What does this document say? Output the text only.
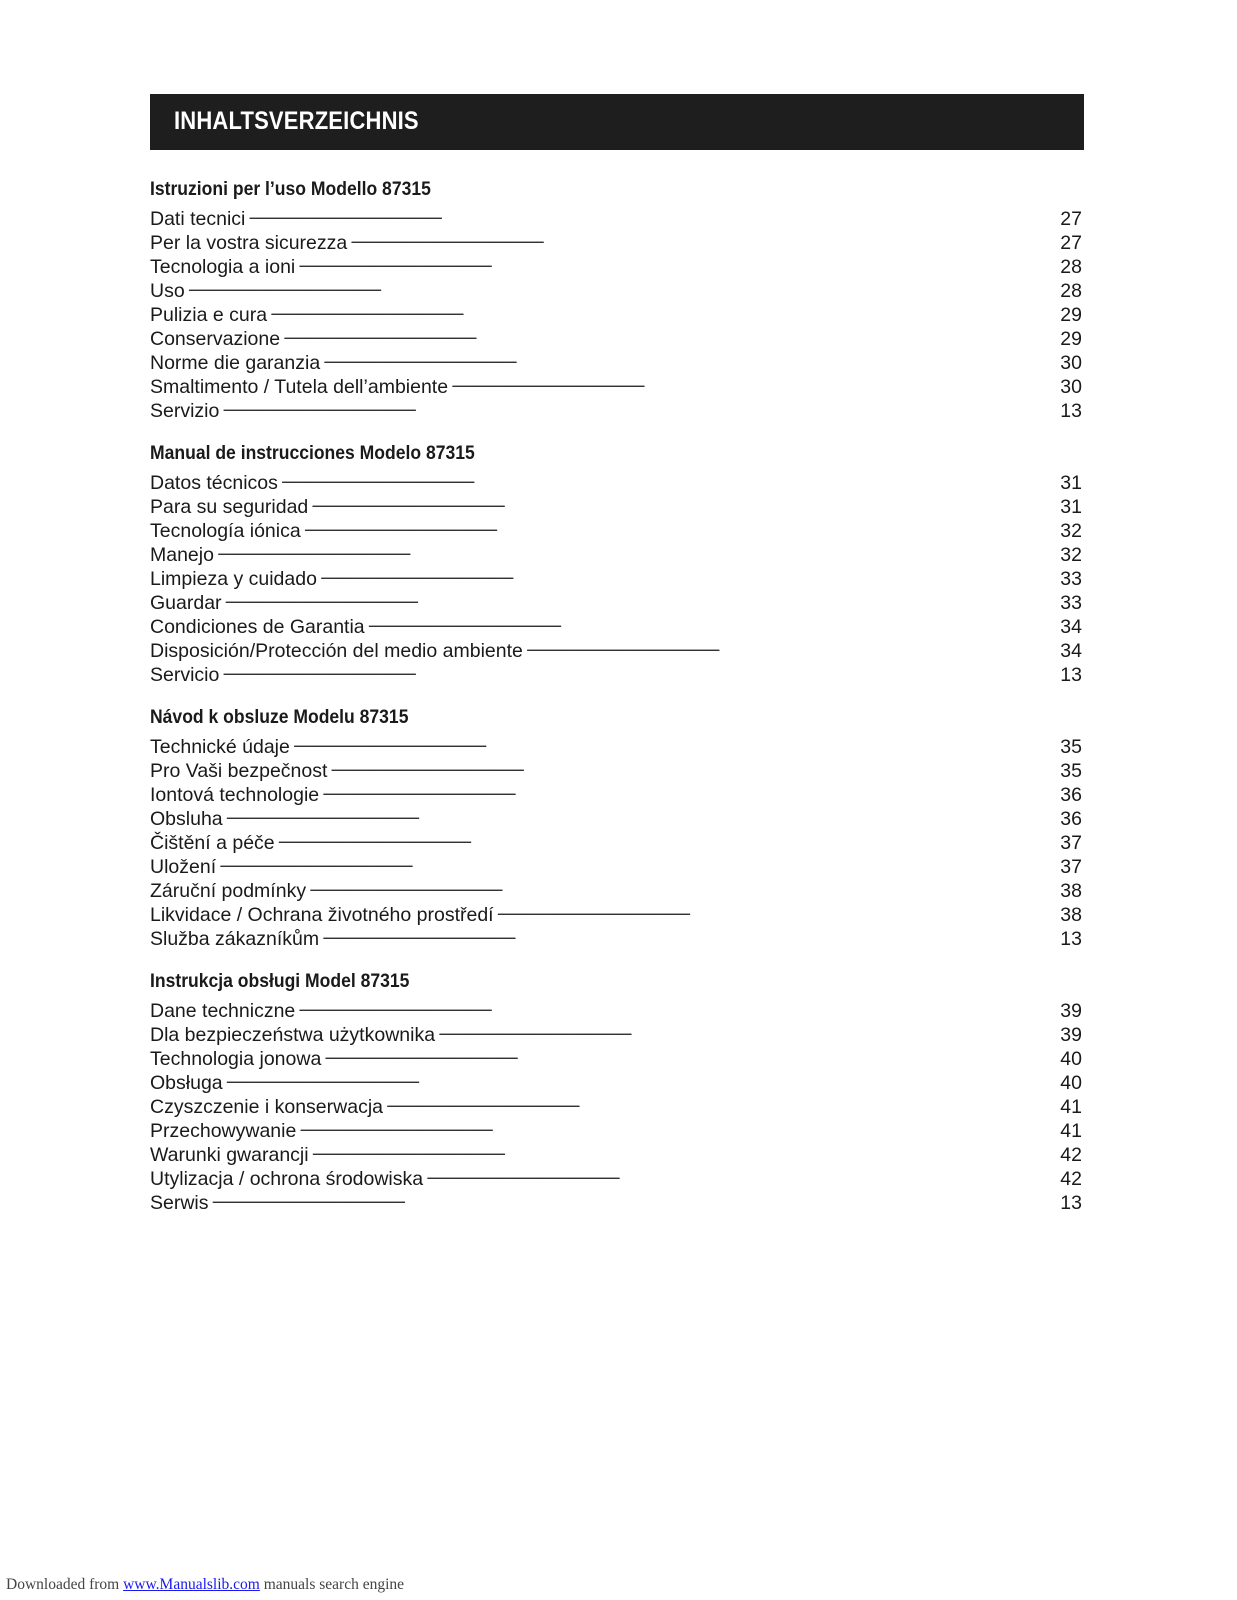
INHALTSVERZEICHNIS
Istruzioni per l’uso Modello 87315
Dati tecnici . . .	27
Per la vostra sicurezza . . .	27
Tecnologia a ioni . . .	28
Uso . . .	28
Pulizia e cura . . .	29
Conservazione . . .	29
Norme die garanzia . . .	30
Smaltimento / Tutela dell’ambiente . . .	30
Servizio . . .	13
Manual de instrucciones Modelo 87315
Datos técnicos . . .	31
Para su seguridad . . .	31
Tecnología iónica . . .	32
Manejo . . .	32
Limpieza y cuidado . . .	33
Guardar . . .	33
Condiciones de Garantia . . .	34
Disposición/Protección del medio ambiente . . .	34
Servicio . . .	13
Návod k obsluze Modelu 87315
Technické údaje . . .	35
Pro Vaši bezpečnost . . .	35
Iontová technologie . . .	36
Obsluha . . .	36
Čištění a péče . . .	37
Uložení . . .	37
Záruční podmínky . . .	38
Likvidace / Ochrana životného prostředí . . .	38
Služba zákazníkům . . .	13
Instrukcja obsługi Model 87315
Dane techniczne . . .	39
Dla bezpieczeństwa użytkownika . . .	39
Technologia jonowa . . .	40
Obsługa . . .	40
Czyszczenie i konserwacja . . .	41
Przechowywanie . . .	41
Warunki gwarancji . . .	42
Utylizacja / ochrona środowiska . . .	42
Serwis . . .	13
Downloaded from www.Manualslib.com manuals search engine
